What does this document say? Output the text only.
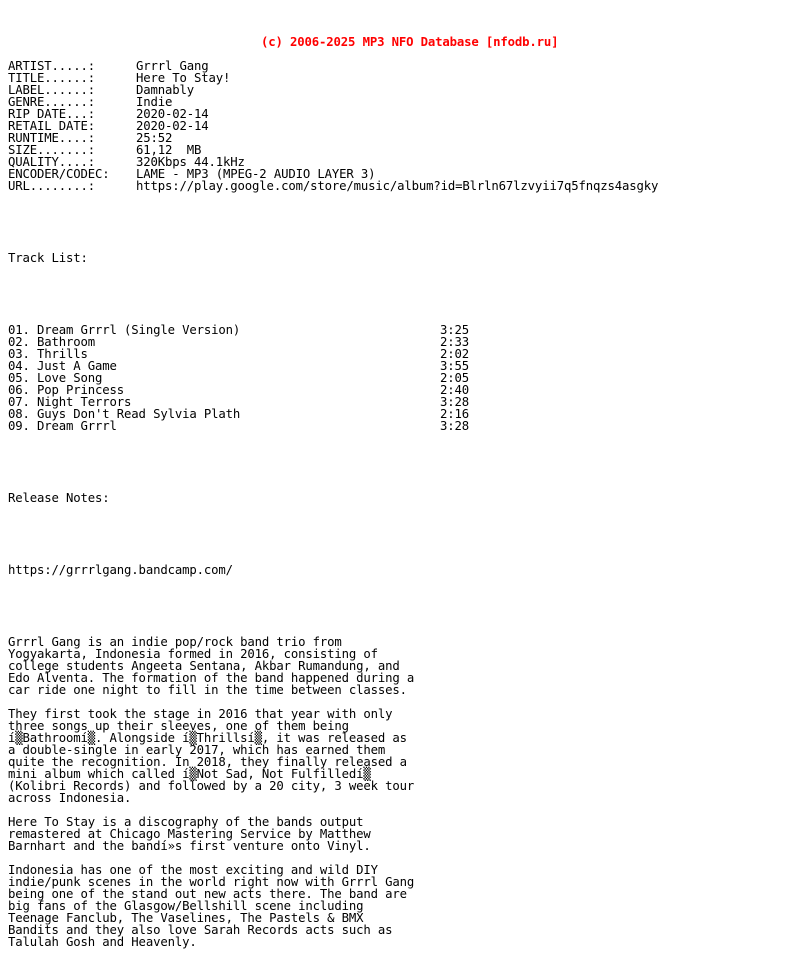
(c) 2006-2025 MP3 NFO Database [nfodb.ru]

ARTIST.....:	Grrrl Gang
TITLE......:	Here To Stay!
LABEL......:	Damnably
GENRE......:	Indie
RIP DATE...:	2020-02-14
RETAIL DATE:	2020-02-14
RUNTIME....:	25:52
SIZE.......:	61,12  MB
QUALITY....:	320Kbps 44.1kHz
ENCODER/CODEC: LAME - MP3 (MPEG-2 AUDIO LAYER 3)
URL........:	https://play.google.com/store/music/album?id=Blrln67lzvyii7q5fnqzs4asgky

Track List:

01. Dream Grrrl (Single Version)	3:25
02. Bathroom	2:33
03. Thrills	2:02
04. Just A Game	3:55
05. Love Song	2:05
06. Pop Princess	2:40
07. Night Terrors	3:28
08. Guys Don't Read Sylvia Plath	2:16
09. Dream Grrrl	3:28

Release Notes:

https://grrrlgang.bandcamp.com/

Grrrl Gang is an indie pop/rock band trio from
Yogyakarta, Indonesia formed in 2016, consisting of
college students Angeeta Sentana, Akbar Rumandung, and
Edo Alventa. The formation of the band happened during a
car ride one night to fill in the time between classes.
They first took the stage in 2016 that year with only
three songs up their sleeves, one of them being
í▒Bathroomí▒. Alongside í▒Thrillsí▒, it was released as
a double-single in early 2017, which has earned them
quite the recognition. In 2018, they finally released a
mini album which called í▒Not Sad, Not Fulfilledí▒
(Kolibri Records) and followed by a 20 city, 3 week tour
across Indonesia.
Here To Stay is a discography of the bands output
remastered at Chicago Mastering Service by Matthew
Barnhart and the bandí»s first venture onto Vinyl.
Indonesia has one of the most exciting and wild DIY
indie/punk scenes in the world right now with Grrrl Gang
being one of the stand out new acts there. The band are
big fans of the Glasgow/Bellshill scene including
Teenage Fanclub, The Vaselines, The Pastels & BMX
Bandits and they also love Sarah Records acts such as
Talulah Gosh and Heavenly.
